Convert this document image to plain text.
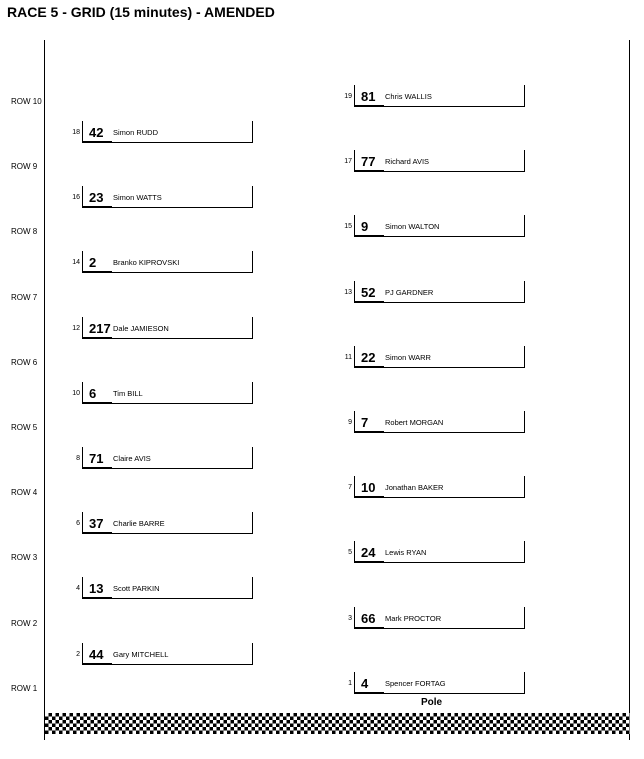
RACE 5 - GRID (15 minutes) - AMENDED
ROW 10
ROW 9
ROW 8
ROW 7
ROW 6
ROW 5
ROW 4
ROW 3
ROW 2
ROW 1
19 81 Chris WALLIS
18 42 Simon RUDD
17 77 Richard AVIS
16 23 Simon WATTS
15 9 Simon WALTON
14 2 Branko KIPROVSKI
13 52 PJ GARDNER
12 217 Dale JAMIESON
11 22 Simon WARR
10 6 Tim BILL
9 7 Robert MORGAN
8 71 Claire AVIS
7 10 Jonathan BAKER
6 37 Charlie BARRE
5 24 Lewis RYAN
4 13 Scott PARKIN
3 66 Mark PROCTOR
2 44 Gary MITCHELL
1 4 Spencer FORTAG
Pole
